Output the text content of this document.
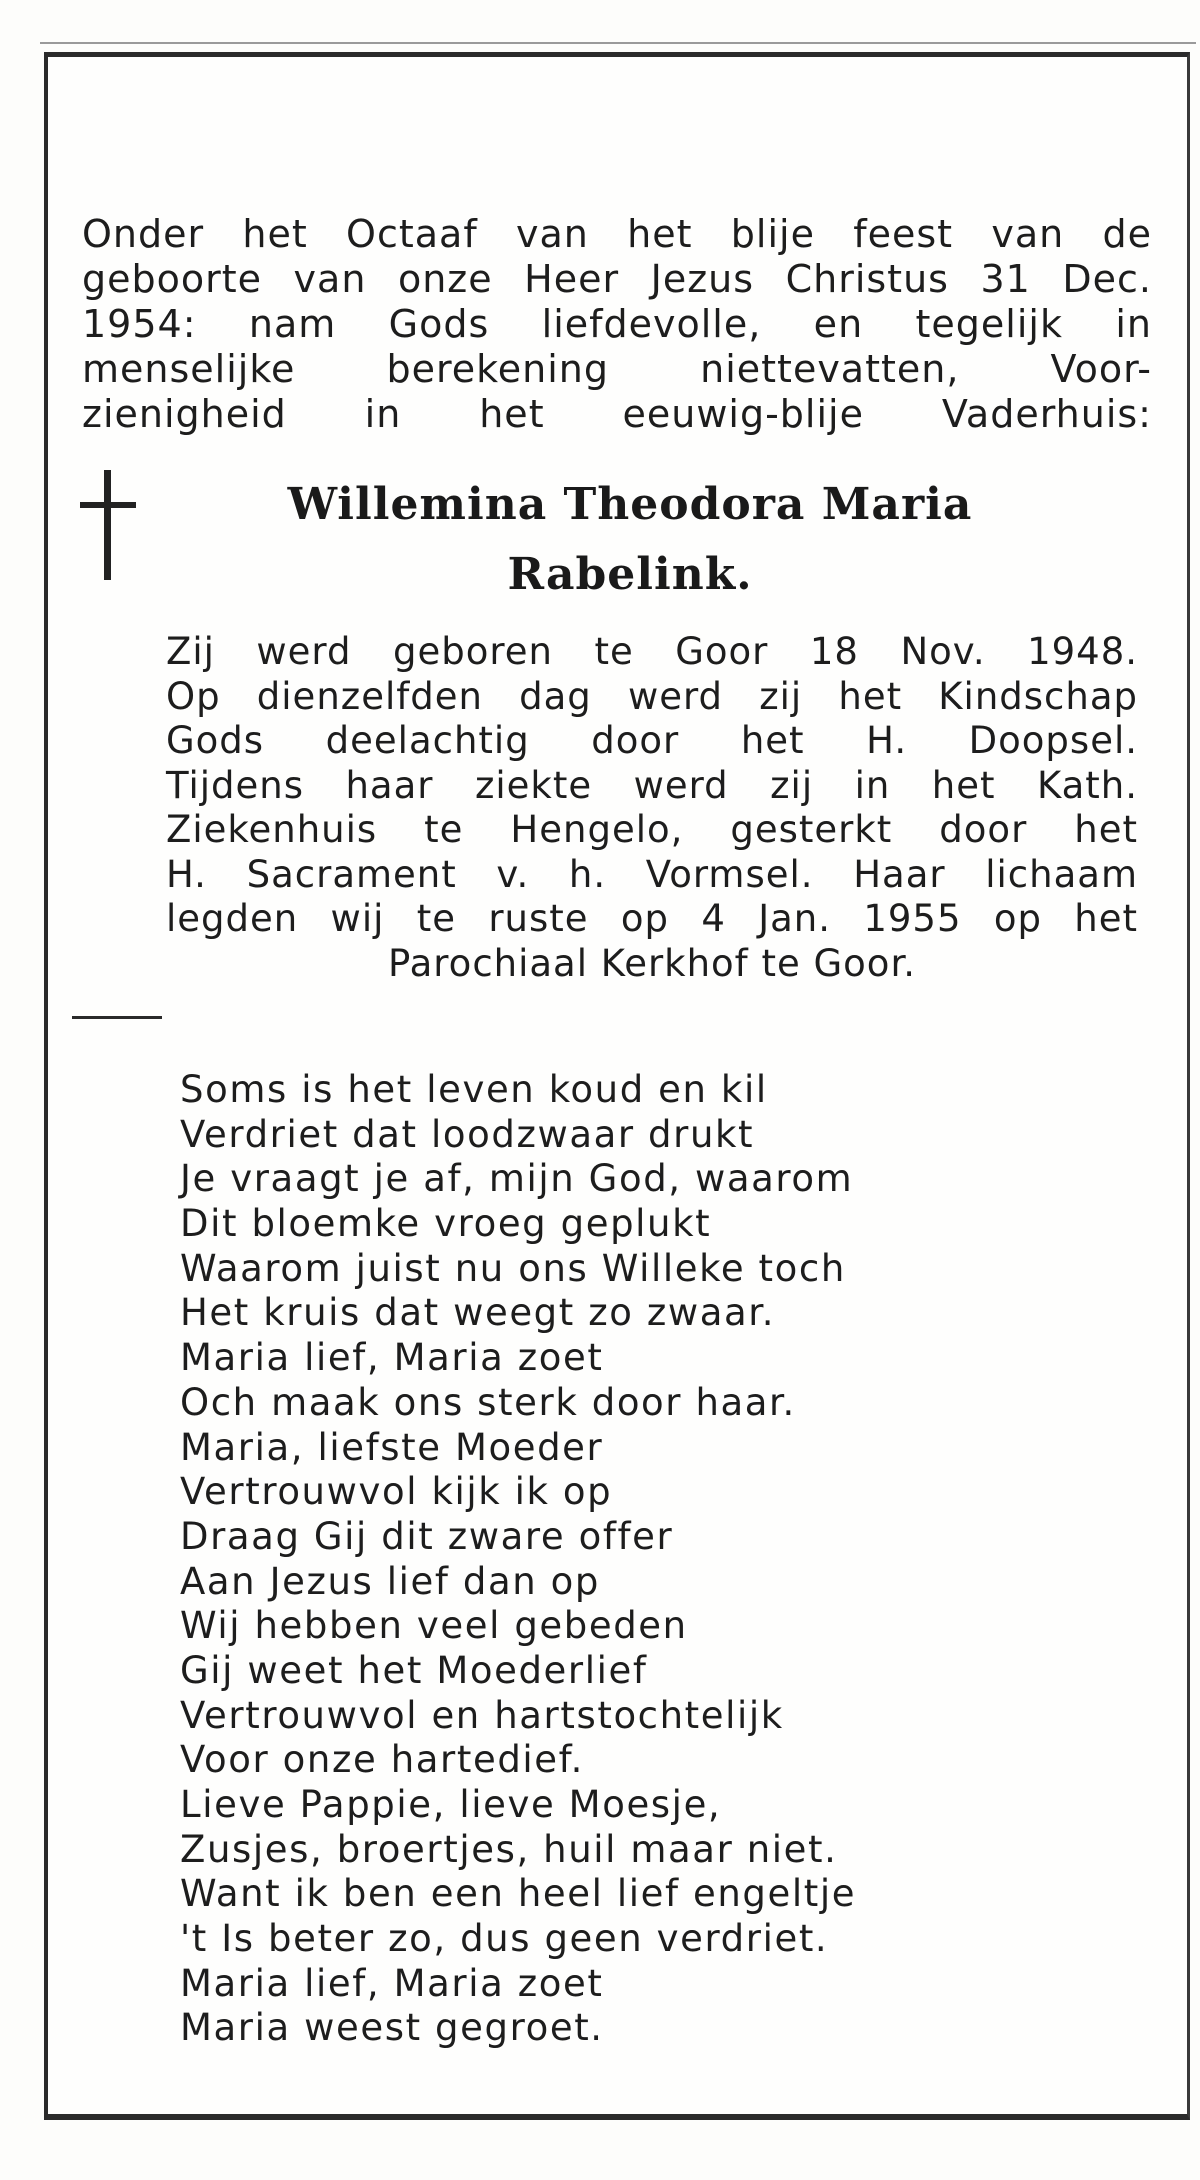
Onder het Octaaf van het blije feest van de
geboorte van onze Heer Jezus Christus 31 Dec.
1954: nam Gods liefdevolle, en tegelijk in
menselijke berekening niettevatten, Voor-
zienigheid in het eeuwig-blije Vaderhuis:
Willemina Theodora Maria
Rabelink.
Zij werd geboren te Goor 18 Nov. 1948.
Op dienzelfden dag werd zij het Kindschap
Gods deelachtig door het H. Doopsel.
Tijdens haar ziekte werd zij in het Kath.
Ziekenhuis te Hengelo, gesterkt door het
H. Sacrament v. h. Vormsel. Haar lichaam
legden wij te ruste op 4 Jan. 1955 op het
Parochiaal Kerkhof te Goor.
Soms is het leven koud en kil
Verdriet dat loodzwaar drukt
Je vraagt je af, mijn God, waarom
Dit bloemke vroeg geplukt
Waarom juist nu ons Willeke toch
Het kruis dat weegt zo zwaar.
Maria lief, Maria zoet
Och maak ons sterk door haar.
Maria, liefste Moeder
Vertrouwvol kijk ik op
Draag Gij dit zware offer
Aan Jezus lief dan op
Wij hebben veel gebeden
Gij weet het Moederlief
Vertrouwvol en hartstochtelijk
Voor onze hartedief.
Lieve Pappie, lieve Moesje,
Zusjes, broertjes, huil maar niet.
Want ik ben een heel lief engeltje
't Is beter zo, dus geen verdriet.
Maria lief, Maria zoet
Maria weest gegroet.
